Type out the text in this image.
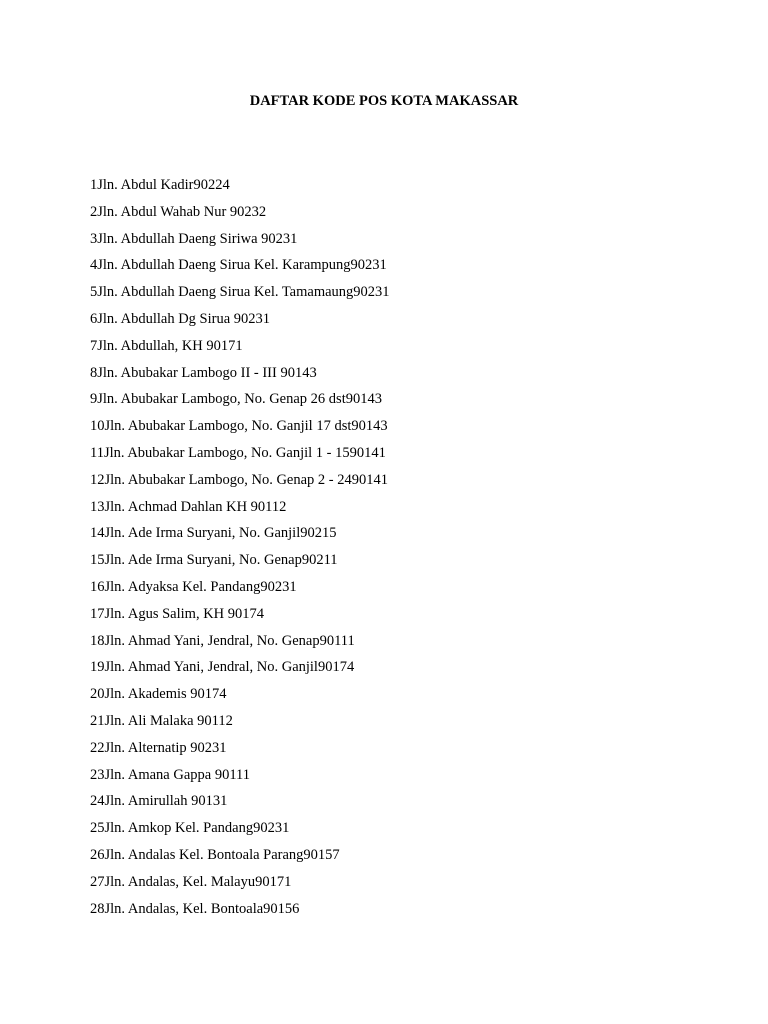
DAFTAR KODE POS KOTA MAKASSAR
1Jln. Abdul Kadir90224
2Jln. Abdul Wahab Nur 90232
3Jln. Abdullah Daeng Siriwa 90231
4Jln. Abdullah Daeng Sirua Kel. Karampung90231
5Jln. Abdullah Daeng Sirua Kel. Tamamaung90231
6Jln. Abdullah Dg Sirua 90231
7Jln. Abdullah, KH 90171
8Jln. Abubakar Lambogo II - III 90143
9Jln. Abubakar Lambogo, No. Genap 26 dst90143
10Jln. Abubakar Lambogo, No. Ganjil 17 dst90143
11Jln. Abubakar Lambogo, No. Ganjil 1 - 1590141
12Jln. Abubakar Lambogo, No. Genap 2 - 2490141
13Jln. Achmad Dahlan KH 90112
14Jln. Ade Irma Suryani, No. Ganjil90215
15Jln. Ade Irma Suryani, No. Genap90211
16Jln. Adyaksa Kel. Pandang90231
17Jln. Agus Salim, KH 90174
18Jln. Ahmad Yani, Jendral, No. Genap90111
19Jln. Ahmad Yani, Jendral, No. Ganjil90174
20Jln. Akademis 90174
21Jln. Ali Malaka 90112
22Jln. Alternatip 90231
23Jln. Amana Gappa 90111
24Jln. Amirullah 90131
25Jln. Amkop Kel. Pandang90231
26Jln. Andalas Kel. Bontoala Parang90157
27Jln. Andalas, Kel. Malayu90171
28Jln. Andalas, Kel. Bontoala90156
